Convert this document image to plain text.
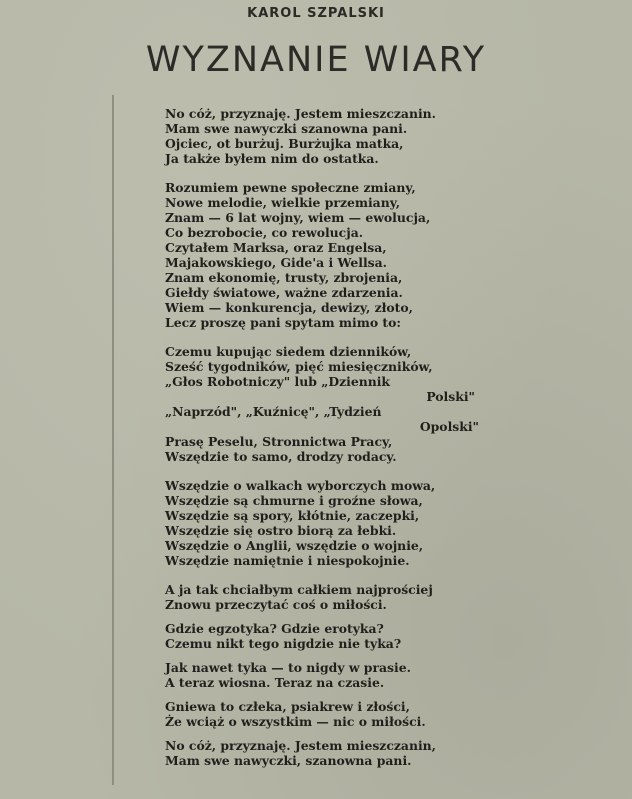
KAROL SZPALSKI
WYZNANIE WIARY
No cóż, przyznaję. Jestem mieszczanin.
Mam swe nawyczki szanowna pani.
Ojciec, ot burżuj. Burżujka matka,
Ja także byłem nim do ostatka.
Rozumiem pewne społeczne zmiany,
Nowe melodie, wielkie przemiany,
Znam — 6 lat wojny, wiem — ewolucja,
Co bezrobocie, co rewolucja.
Czytałem Marksa, oraz Engelsa,
Majakowskiego, Gide'a i Wellsa.
Znam ekonomię, trusty, zbrojenia,
Giełdy światowe, ważne zdarzenia.
Wiem — konkurencja, dewizy, złoto,
Lecz proszę pani spytam mimo to:
Czemu kupując siedem dzienników,
Sześć tygodników, pięć miesięczników,
„Głos Robotniczy" lub „Dziennik
Polski"
„Naprzód", „Kuźnicę", „Tydzień
Opolski"
Prasę Peselu, Stronnictwa Pracy,
Wszędzie to samo, drodzy rodacy.
Wszędzie o walkach wyborczych mowa,
Wszędzie są chmurne i groźne słowa,
Wszędzie są spory, kłótnie, zaczepki,
Wszędzie się ostro biorą za łebki.
Wszędzie o Anglii, wszędzie o wojnie,
Wszędzie namiętnie i niespokojnie.
A ja tak chciałbym całkiem najprościej
Znowu przeczytać coś o miłości.
Gdzie egzotyka? Gdzie erotyka?
Czemu nikt tego nigdzie nie tyka?
Jak nawet tyka — to nigdy w prasie.
A teraz wiosna. Teraz na czasie.
Gniewa to człeka, psiakrew i złości,
Że wciąż o wszystkim — nic o miłości.
No cóż, przyznaję. Jestem mieszczanin,
Mam swe nawyczki, szanowna pani.
